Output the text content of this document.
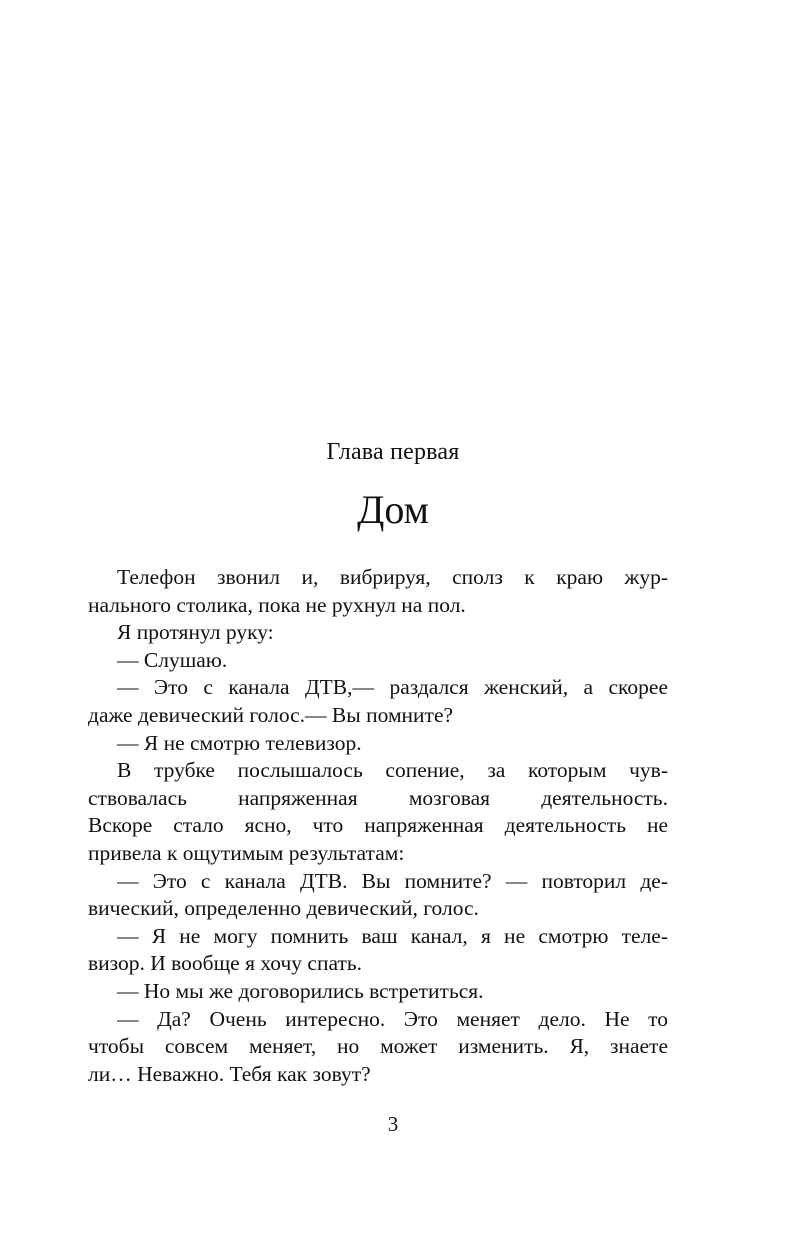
Глава первая
Дом
Телефон звонил и, вибрируя, сполз к краю жур-
нального столика, пока не рухнул на пол.
Я протянул руку:
— Слушаю.
— Это с канала ДТВ,— раздался женский, а скорее
даже девический голос.— Вы помните?
— Я не смотрю телевизор.
В трубке послышалось сопение, за которым чув-
ствовалась напряженная мозговая деятельность.
Вскоре стало ясно, что напряженная деятельность не
привела к ощутимым результатам:
— Это с канала ДТВ. Вы помните? — повторил де-
вический, определенно девический, голос.
— Я не могу помнить ваш канал, я не смотрю теле-
визор. И вообще я хочу спать.
— Но мы же договорились встретиться.
— Да? Очень интересно. Это меняет дело. Не то
чтобы совсем меняет, но может изменить. Я, знаете
ли… Неважно. Тебя как зовут?
3
